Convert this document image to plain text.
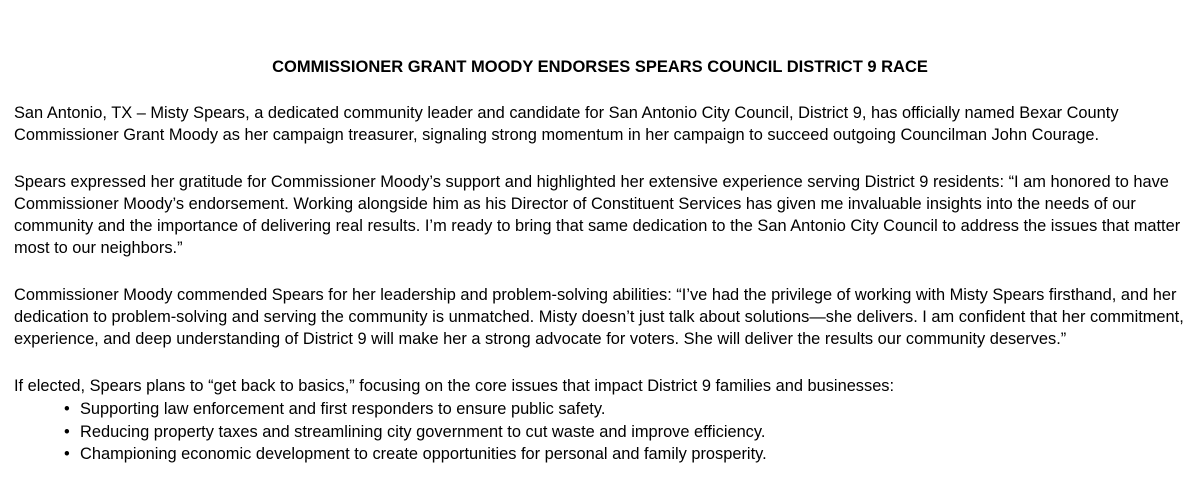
COMMISSIONER GRANT MOODY ENDORSES SPEARS COUNCIL DISTRICT 9 RACE

San Antonio, TX – Misty Spears, a dedicated community leader and candidate for San Antonio City Council, District 9, has officially named Bexar County
Commissioner Grant Moody as her campaign treasurer, signaling strong momentum in her campaign to succeed outgoing Councilman John Courage.

Spears expressed her gratitude for Commissioner Moody’s support and highlighted her extensive experience serving District 9 residents: “I am honored to have
Commissioner Moody’s endorsement. Working alongside him as his Director of Constituent Services has given me invaluable insights into the needs of our
community and the importance of delivering real results. I’m ready to bring that same dedication to the San Antonio City Council to address the issues that matter
most to our neighbors.”

Commissioner Moody commended Spears for her leadership and problem-solving abilities: “I’ve had the privilege of working with Misty Spears firsthand, and her
dedication to problem-solving and serving the community is unmatched. Misty doesn’t just talk about solutions—she delivers. I am confident that her commitment,
experience, and deep understanding of District 9 will make her a strong advocate for voters. She will deliver the results our community deserves.”

If elected, Spears plans to “get back to basics,” focusing on the core issues that impact District 9 families and businesses:

• Supporting law enforcement and first responders to ensure public safety.
• Reducing property taxes and streamlining city government to cut waste and improve efficiency.
• Championing economic development to create opportunities for personal and family prosperity.
